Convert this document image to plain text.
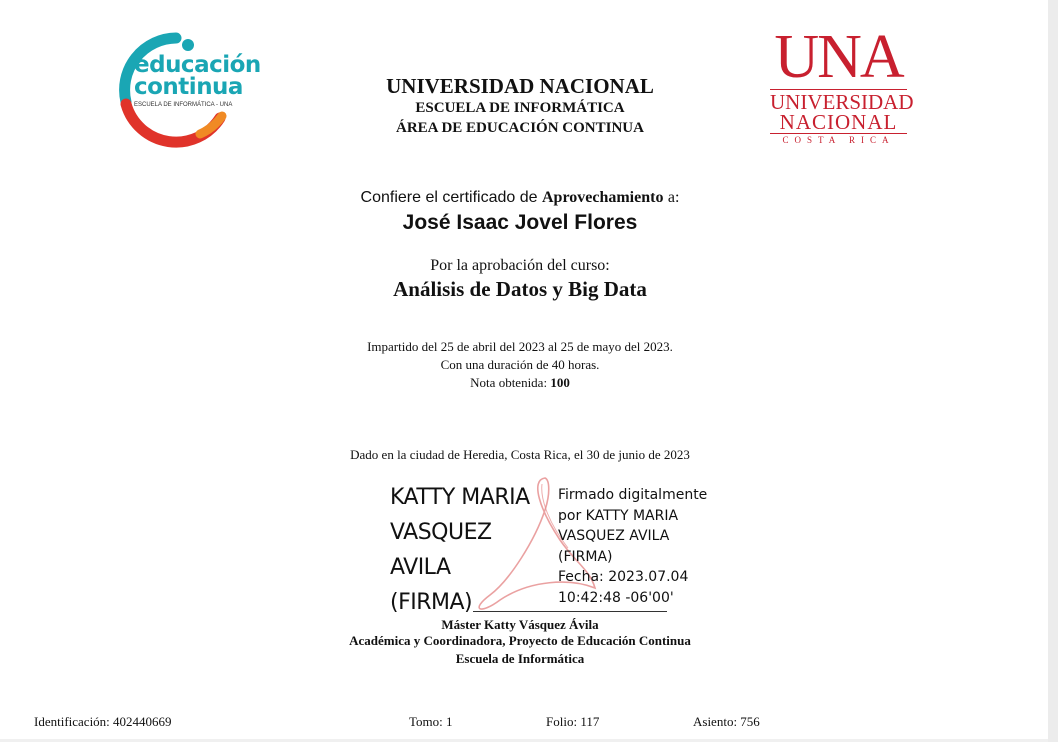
educación
continua
ESCUELA DE INFORMÁTICA - UNA
UNA
UNIVERSIDAD
NACIONAL
COSTA RICA
UNIVERSIDAD NACIONAL
ESCUELA DE INFORMÁTICA
ÁREA DE EDUCACIÓN CONTINUA
Confiere el certificado de Aprovechamiento a:
José Isaac Jovel Flores
Por la aprobación del curso:
Análisis de Datos y Big Data
Impartido del 25 de abril del 2023 al 25 de mayo del 2023.
Con una duración de 40 horas.
Nota obtenida: 100
Dado en la ciudad de Heredia, Costa Rica, el 30 de junio de 2023
KATTY MARIA
VASQUEZ
AVILA
(FIRMA)
Firmado digitalmente
por KATTY MARIA
VASQUEZ AVILA
(FIRMA)
Fecha: 2023.07.04
10:42:48 -06'00'
Máster Katty Vásquez Ávila
Académica y Coordinadora, Proyecto de Educación Continua
Escuela de Informática
Identificación: 402440669	Tomo: 1	Folio: 117	Asiento: 756
